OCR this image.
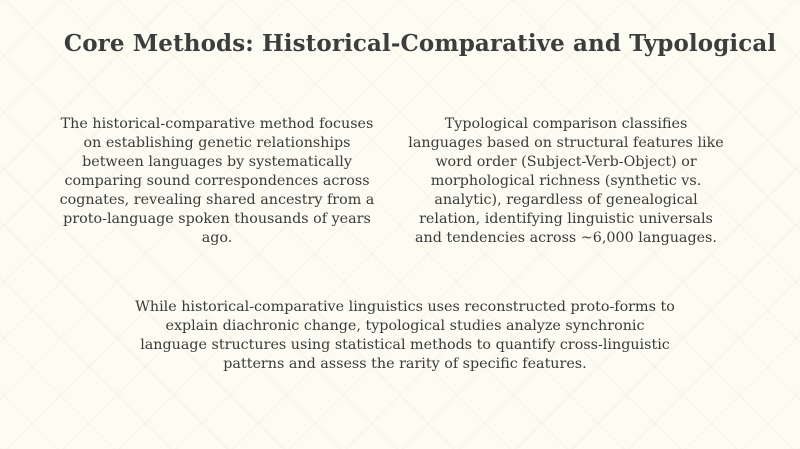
Core Methods: Historical-Comparative and Typological
The historical-comparative method focuses on establishing genetic relationships between languages by systematically comparing sound correspondences across cognates, revealing shared ancestry from a proto-language spoken thousands of years ago.
Typological comparison classifies languages based on structural features like word order (Subject-Verb-Object) or morphological richness (synthetic vs. analytic), regardless of genealogical relation, identifying linguistic universals and tendencies across ~6,000 languages.
While historical-comparative linguistics uses reconstructed proto-forms to explain diachronic change, typological studies analyze synchronic language structures using statistical methods to quantify cross-linguistic patterns and assess the rarity of specific features.
